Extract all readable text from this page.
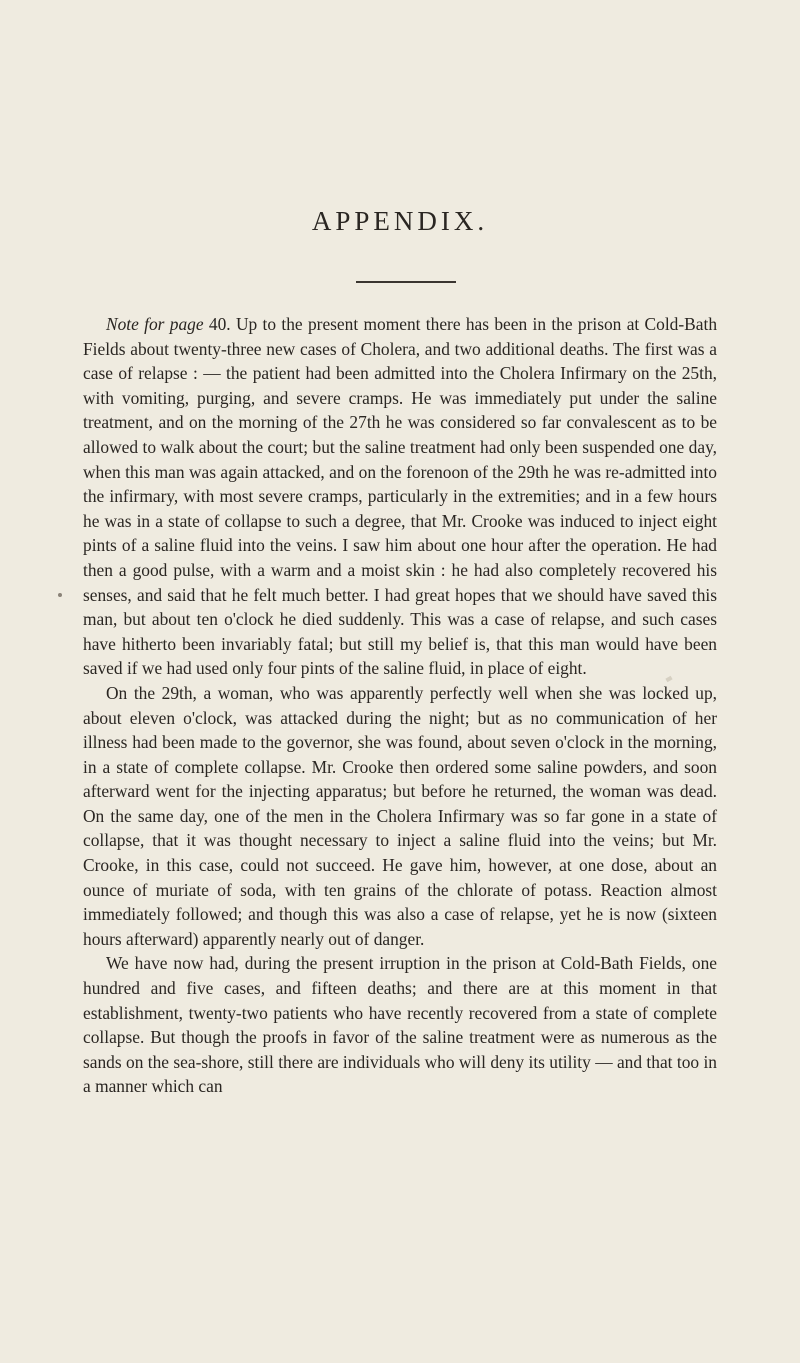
APPENDIX.

Note for page 40. Up to the present moment there has been in the prison at Cold-Bath Fields about twenty-three new cases of Cholera, and two additional deaths. The first was a case of relapse : — the patient had been admitted into the Cholera Infirmary on the 25th, with vomiting, purging, and severe cramps. He was immediately put under the saline treatment, and on the morning of the 27th he was considered so far convalescent as to be allowed to walk about the court; but the saline treatment had only been suspended one day, when this man was again attacked, and on the forenoon of the 29th he was re-admitted into the infirmary, with most severe cramps, particularly in the extremities; and in a few hours he was in a state of collapse to such a degree, that Mr. Crooke was induced to inject eight pints of a saline fluid into the veins. I saw him about one hour after the operation. He had then a good pulse, with a warm and a moist skin : he had also completely recovered his senses, and said that he felt much better. I had great hopes that we should have saved this man, but about ten o'clock he died suddenly. This was a case of relapse, and such cases have hitherto been invariably fatal; but still my belief is, that this man would have been saved if we had used only four pints of the saline fluid, in place of eight.

On the 29th, a woman, who was apparently perfectly well when she was locked up, about eleven o'clock, was attacked during the night; but as no communication of her illness had been made to the governor, she was found, about seven o'clock in the morning, in a state of complete collapse. Mr. Crooke then ordered some saline powders, and soon afterward went for the injecting apparatus; but before he returned, the woman was dead. On the same day, one of the men in the Cholera Infirmary was so far gone in a state of collapse, that it was thought necessary to inject a saline fluid into the veins; but Mr. Crooke, in this case, could not succeed. He gave him, however, at one dose, about an ounce of muriate of soda, with ten grains of the chlorate of potass. Reaction almost immediately followed; and though this was also a case of relapse, yet he is now (sixteen hours afterward) apparently nearly out of danger.

We have now had, during the present irruption in the prison at Cold-Bath Fields, one hundred and five cases, and fifteen deaths; and there are at this moment in that establishment, twenty-two patients who have recently recovered from a state of complete collapse. But though the proofs in favor of the saline treatment were as numerous as the sands on the sea-shore, still there are individuals who will deny its utility — and that too in a manner which can
